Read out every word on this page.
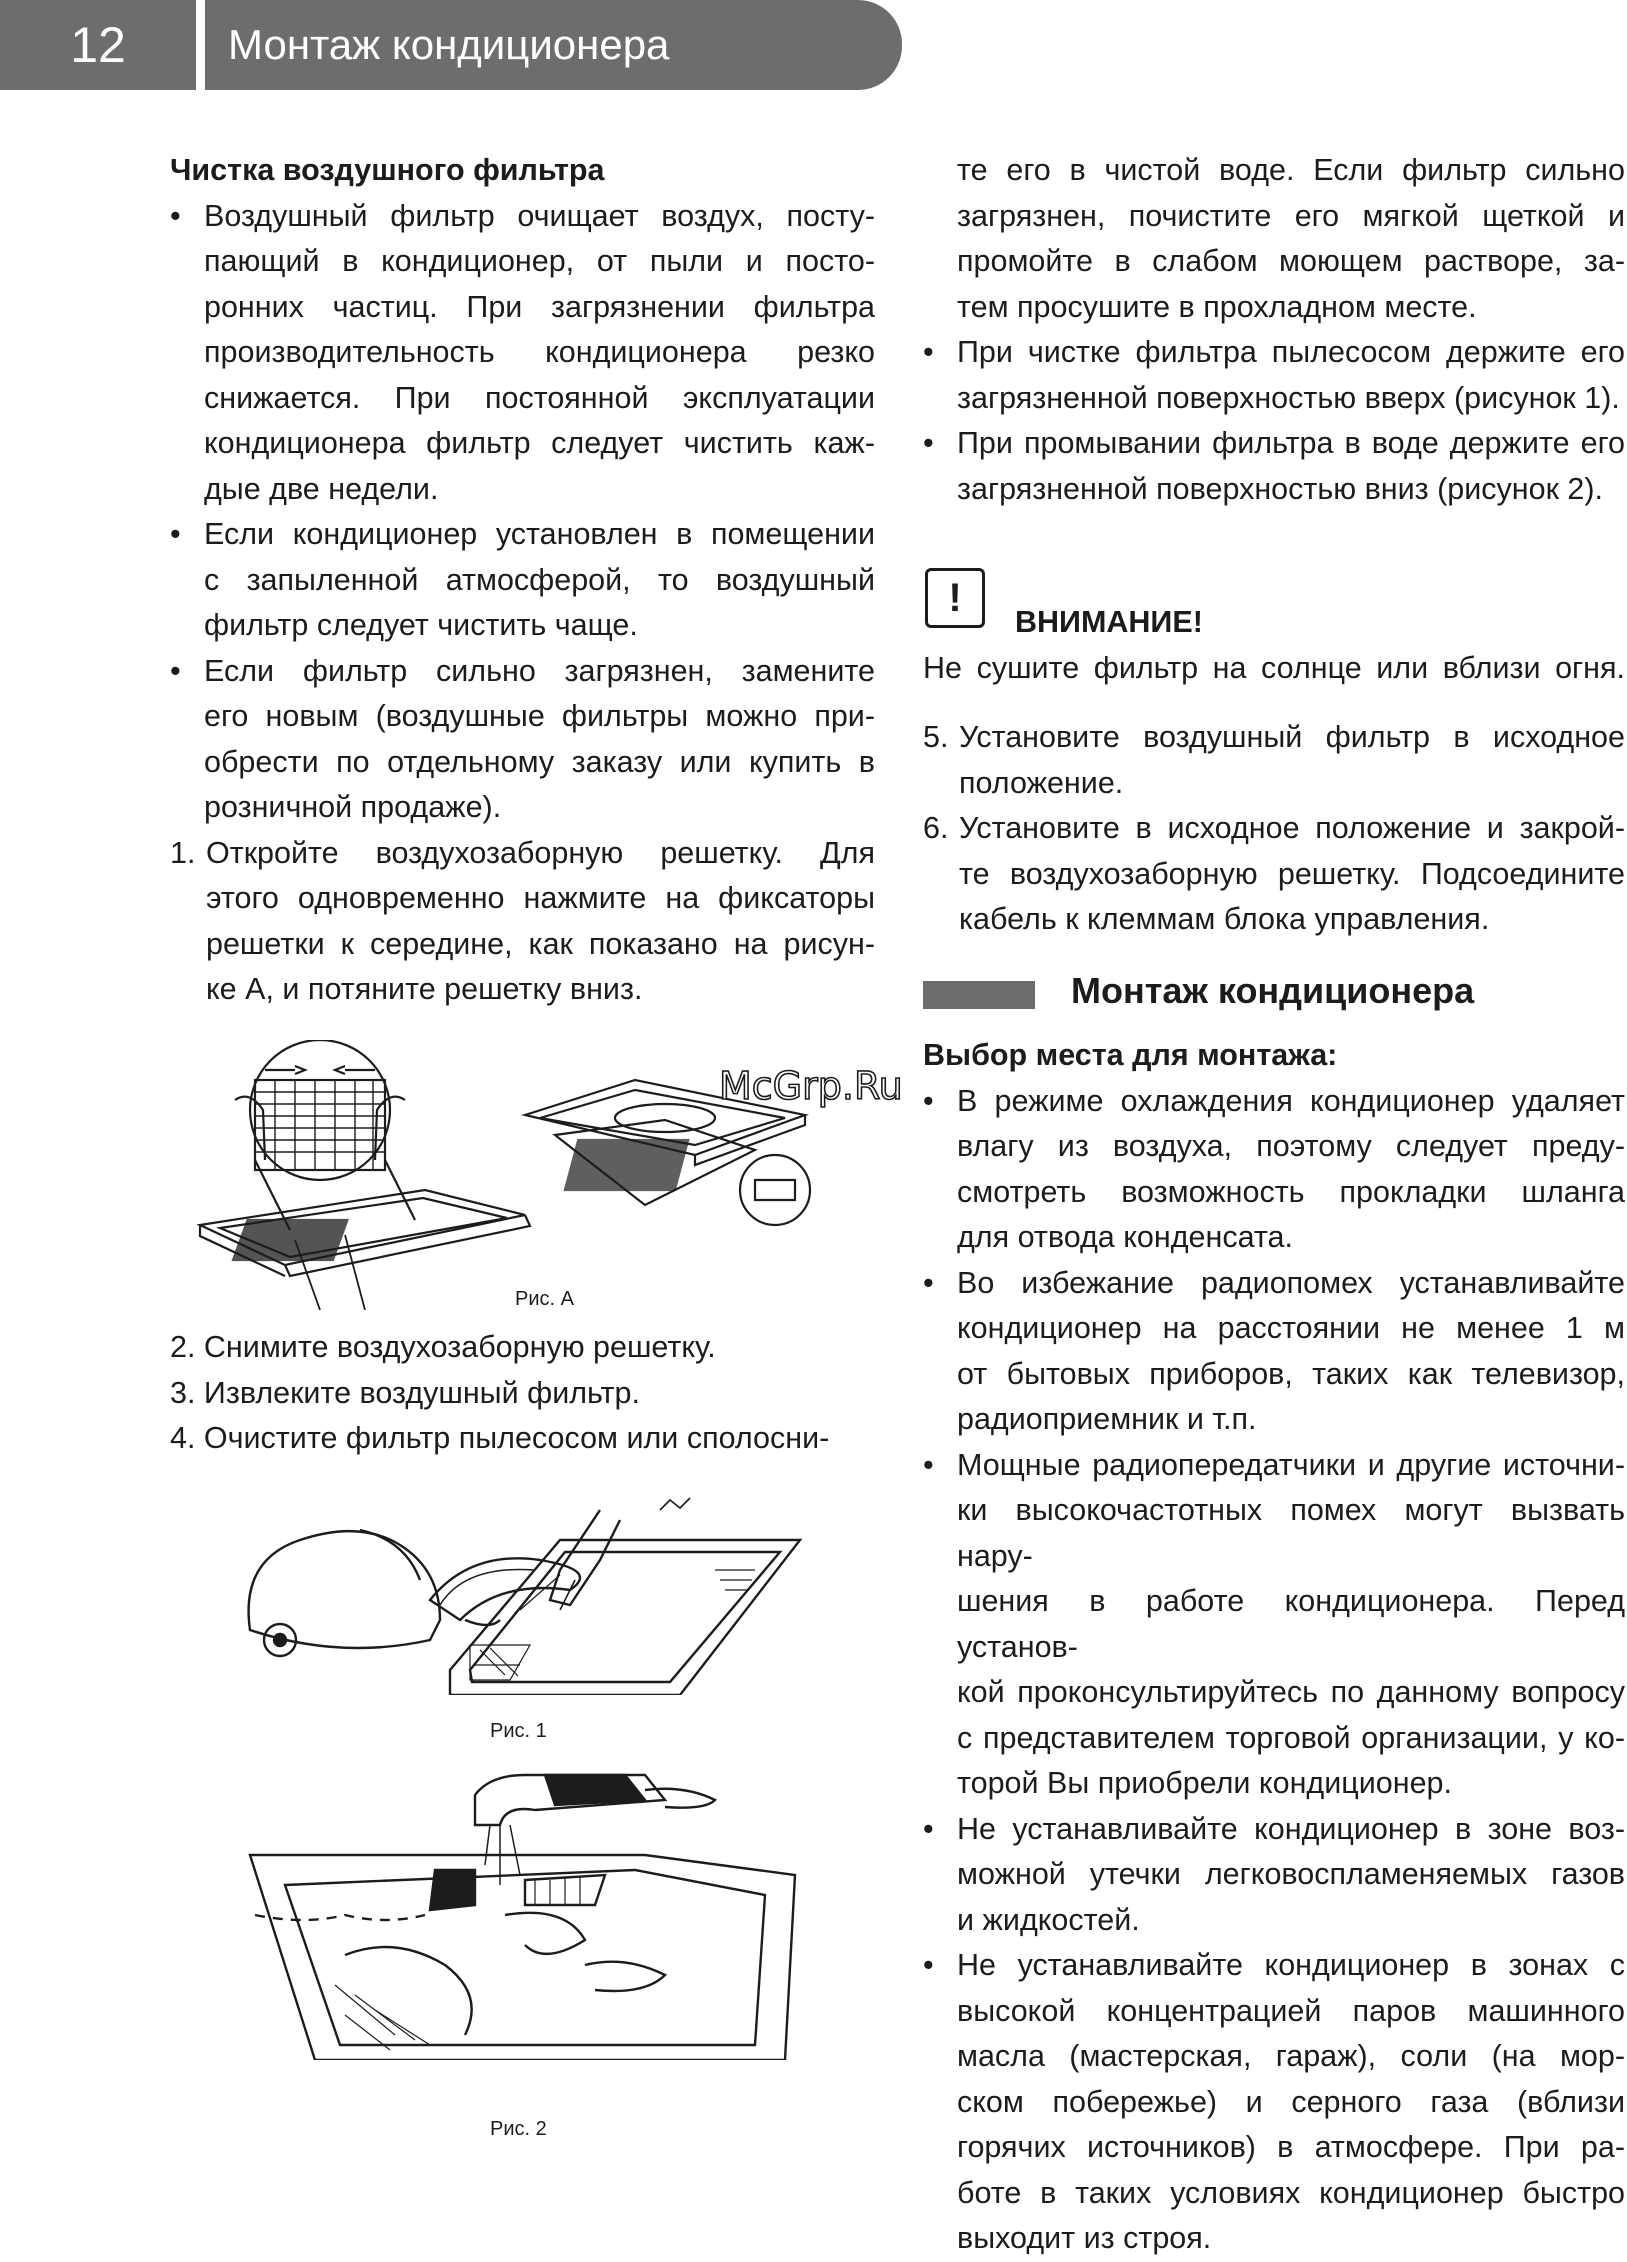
12	Монтаж кондиционера

Чистка воздушного фильтра

• Воздушный фильтр очищает воздух, посту-

пающий в кондиционер, от пыли и посто-

ронних частиц. При загрязнении фильтра

производительность кондиционера резко

снижается. При постоянной эксплуатации

кондиционера фильтр следует чистить каж-

дые две недели.

• Если кондиционер установлен в помещении

с запыленной атмосферой, то воздушный

фильтр следует чистить чаще.

• Если фильтр сильно загрязнен, замените

его новым (воздушные фильтры можно при-

обрести по отдельному заказу или купить в

розничной продаже).

1. Откройте воздухозаборную решетку. Для

этого одновременно нажмите на фиксаторы

решетки к середине, как показано на рисун-

ке А, и потяните решетку вниз.

Рис. А

2. Снимите воздухозаборную решетку.

3. Извлеките воздушный фильтр.

4. Очистите фильтр пылесосом или сполосни-

Рис. 1
Рис. 2

те его в чистой воде. Если фильтр сильно

загрязнен, почистите его мягкой щеткой и

промойте в слабом моющем растворе, за-

тем просушите в прохладном месте.

• При чистке фильтра пылесосом держите его

загрязненной поверхностью вверх (рисунок 1).

• При промывании фильтра в воде держите его

загрязненной поверхностью вниз (рисунок 2).

!

ВНИМАНИЕ!

Не сушите фильтр на солнце или вблизи огня.

5. Установите воздушный фильтр в исходное

положение.

6. Установите в исходное положение и закрой-

те воздухозаборную решетку. Подсоедините

кабель к клеммам блока управления.

Монтаж кондиционера

Выбор места для монтажа:

• В режиме охлаждения кондиционер удаляет

влагу из воздуха, поэтому следует преду-

смотреть возможность прокладки шланга

для отвода конденсата.

• Во избежание радиопомех устанавливайте

кондиционер на расстоянии не менее 1 м

от бытовых приборов, таких как телевизор,

радиоприемник и т.п.

• Мощные радиопередатчики и другие источни-

ки высокочастотных помех могут вызвать нару-

шения в работе кондиционера. Перед установ-

кой проконсультируйтесь по данному вопросу

с представителем торговой организации, у ко-

торой Вы приобрели кондиционер.

• Не устанавливайте кондиционер в зоне воз-

можной утечки легковоспламеняемых газов

и жидкостей.

• Не устанавливайте кондиционер в зонах с

высокой концентрацией паров машинного

масла (мастерская, гараж), соли (на мор-

ском побережье) и серного газа (вблизи

горячих источников) в атмосфере. При ра-

боте в таких условиях кондиционер быстро

выходит из строя.

McGrp.Ru
